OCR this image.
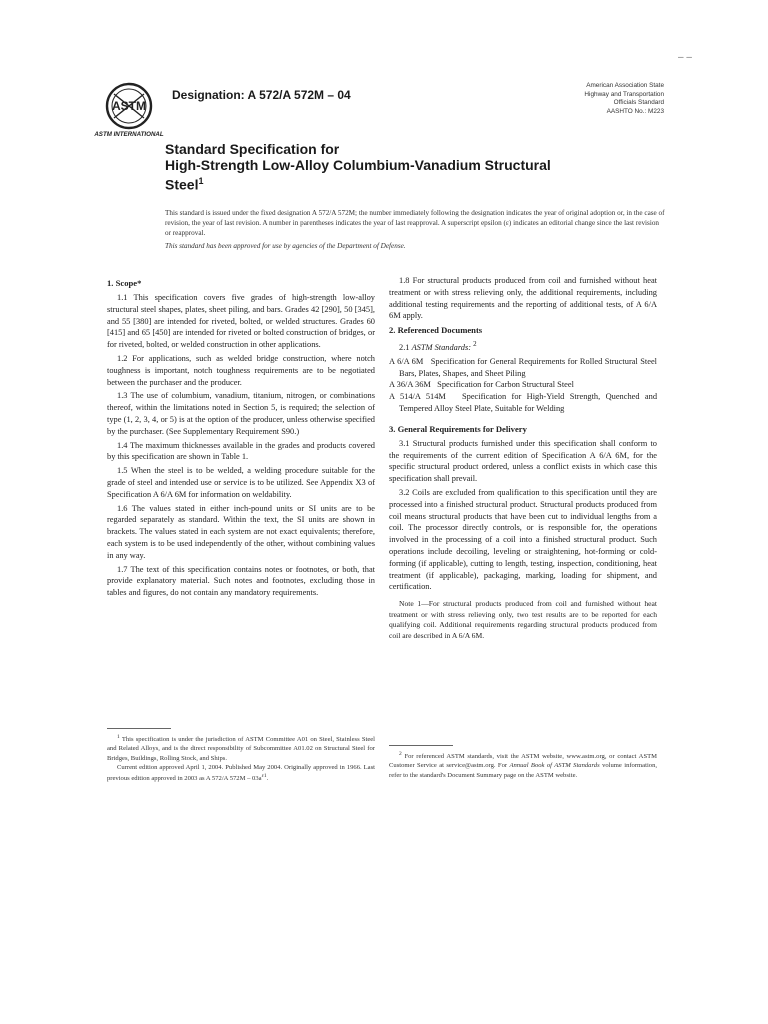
– –
ASTM
ASTM INTERNATIONAL
Designation: A 572/A 572M – 04
American Association State
Highway and Transportation
Officials Standard
AASHTO No.: M223
Standard Specification for
High-Strength Low-Alloy Columbium-Vanadium Structural
Steel$^1$

This standard is issued under the fixed designation A 572/A 572M; the number immediately following the designation indicates the year of original adoption or, in the case of revision, the year of last revision. A number in parentheses indicates the year of last reapproval. A superscript epsilon (ε) indicates an editorial change since the last revision or reapproval.

This standard has been approved for use by agencies of the Department of Defense.

1. Scope*

1.1 This specification covers five grades of high-strength low-alloy structural steel shapes, plates, sheet piling, and bars. Grades 42 [290], 50 [345], and 55 [380] are intended for riveted, bolted, or welded structures. Grades 60 [415] and 65 [450] are intended for riveted or bolted construction of bridges, or for riveted, bolted, or welded construction in other applications.

1.2 For applications, such as welded bridge construction, where notch toughness is important, notch toughness requirements are to be negotiated between the purchaser and the producer.

1.3 The use of columbium, vanadium, titanium, nitrogen, or combinations thereof, within the limitations noted in Section 5, is required; the selection of type (1, 2, 3, 4, or 5) is at the option of the producer, unless otherwise specified by the purchaser. (See Supplementary Requirement S90.)

1.4 The maximum thicknesses available in the grades and products covered by this specification are shown in Table 1.

1.5 When the steel is to be welded, a welding procedure suitable for the grade of steel and intended use or service is to be utilized. See Appendix X3 of Specification A 6/A 6M for information on weldability.

1.6 The values stated in either inch-pound units or SI units are to be regarded separately as standard. Within the text, the SI units are shown in brackets. The values stated in each system are not exact equivalents; therefore, each system is to be used independently of the other, without combining values in any way.

1.7 The text of this specification contains notes or footnotes, or both, that provide explanatory material. Such notes and footnotes, excluding those in tables and figures, do not contain any mandatory requirements.

1.8 For structural products produced from coil and furnished without heat treatment or with stress relieving only, the additional requirements, including additional testing requirements and the reporting of additional tests, of A 6/A 6M apply.

2. Referenced Documents

2.1 ASTM Standards: $^2$

A 6/A 6M Specification for General Requirements for Rolled Structural Steel Bars, Plates, Shapes, and Sheet Piling

A 36/A 36M Specification for Carbon Structural Steel

A 514/A 514M Specification for High-Yield Strength, Quenched and Tempered Alloy Steel Plate, Suitable for Welding

3. General Requirements for Delivery

3.1 Structural products furnished under this specification shall conform to the requirements of the current edition of Specification A 6/A 6M, for the specific structural product ordered, unless a conflict exists in which case this specification shall prevail.

3.2 Coils are excluded from qualification to this specification until they are processed into a finished structural product. Structural products produced from coil means structural products that have been cut to individual lengths from a coil. The processor directly controls, or is responsible for, the operations involved in the processing of a coil into a finished structural product. Such operations include decoiling, leveling or straightening, hot-forming or cold-forming (if applicable), cutting to length, testing, inspection, conditioning, heat treatment (if applicable), packaging, marking, loading for shipment, and certification.

Note 1—For structural products produced from coil and furnished without heat treatment or with stress relieving only, two test results are to be reported for each qualifying coil. Additional requirements regarding structural products produced from coil are described in A 6/A 6M.

$^1$ This specification is under the jurisdiction of ASTM Committee A01 on Steel, Stainless Steel and Related Alloys, and is the direct responsibility of Subcommittee A01.02 on Structural Steel for Bridges, Buildings, Rolling Stock, and Ships.

Current edition approved April 1, 2004. Published May 2004. Originally approved in 1966. Last previous edition approved in 2003 as A 572/A $572M - 03a^{\varepsilon 1}$.

$^2$ For referenced ASTM standards, visit the ASTM website, www.astm.org, or contact ASTM Customer Service at service@astm.org. For Annual Book of ASTM Standards volume information, refer to the standard's Document Summary page on the ASTM website.
